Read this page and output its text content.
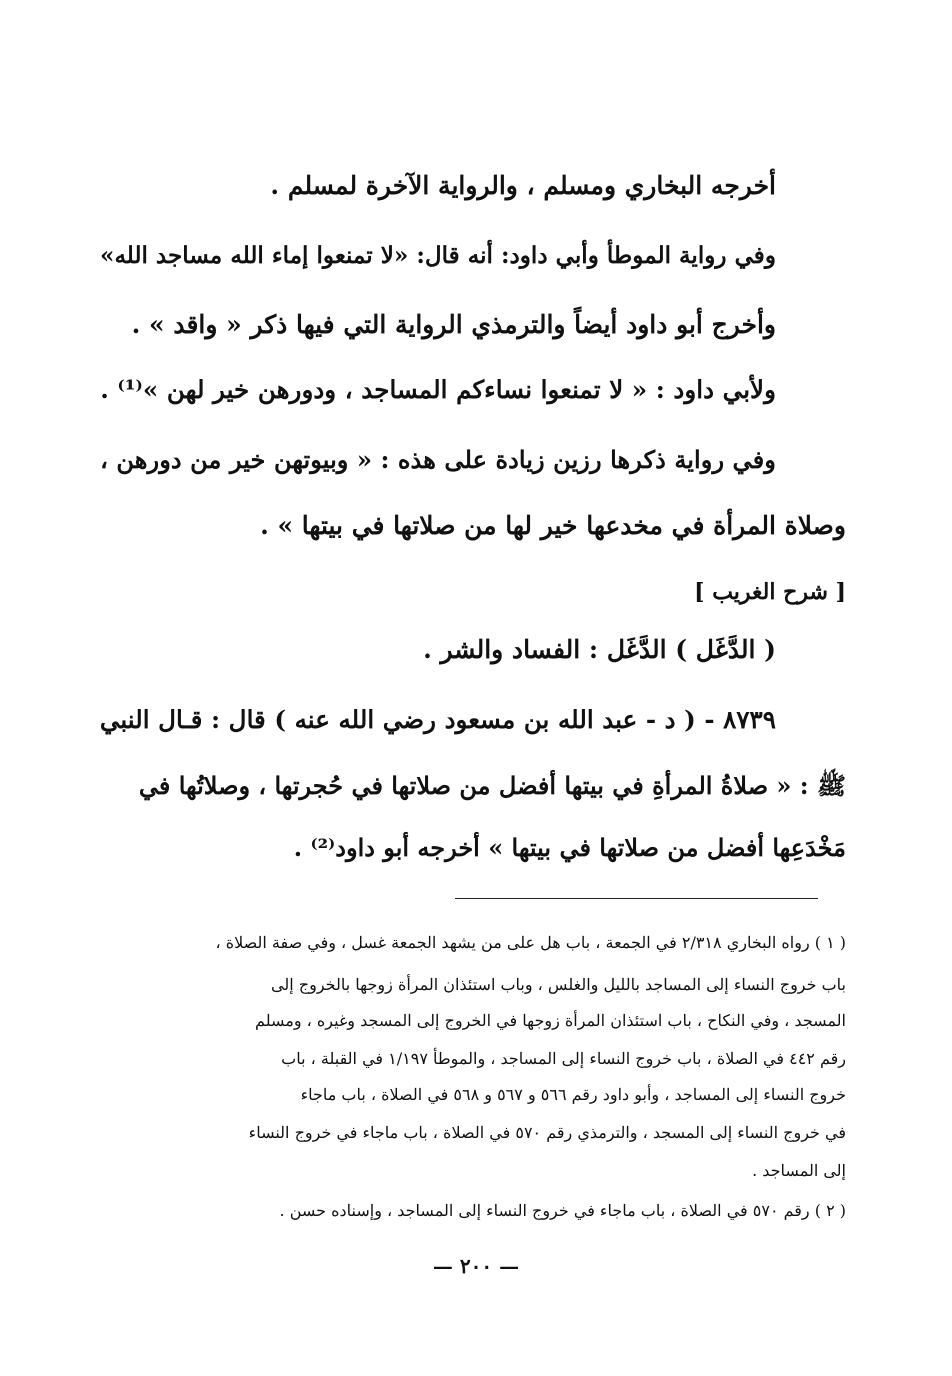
أخرجه البخاري ومسلم ، والرواية الآخرة لمسلم .
وفي رواية الموطأ وأبي داود: أنه قال: «لا تمنعوا إماء الله مساجد الله»
وأخرج أبو داود أيضاً والترمذي الرواية التي فيها ذكر « واقد » .
ولأبي داود : « لا تمنعوا نساءكم المساجد ، ودورهن خير لهن »⁽¹⁾ .
وفي رواية ذكرها رزين زيادة على هذه : « وبيوتهن خير من دورهن ،
وصلاة المرأة في مخدعها خير لها من صلاتها في بيتها » .
[ شرح الغريب ]
( الدَّغَل ) الدَّغَل : الفساد والشر .
٨٧٣٩ - ( د - عبد الله بن مسعود رضي الله عنه ) قال : قـال النبي
ﷺ : « صلاةُ المرأةِ في بيتها أفضل من صلاتها في حُجرتها ، وصلاتُها في
مَخْدَعِها أفضل من صلاتها في بيتها » أخرجه أبو داود⁽²⁾ .
( ١ ) رواه البخاري ٢/٣١٨ في الجمعة ، باب هل على من يشهد الجمعة غسل ، وفي صفة الصلاة ،
باب خروج النساء إلى المساجد بالليل والغلس ، وباب استئذان المرأة زوجها بالخروج إلى
المسجد ، وفي النكاح ، باب استئذان المرأة زوجها في الخروج إلى المسجد وغيره ، ومسلم
رقم ٤٤٢ في الصلاة ، باب خروج النساء إلى المساجد ، والموطأ ١/١٩٧ في القبلة ، باب
خروج النساء إلى المساجد ، وأبو داود رقم ٥٦٦ و ٥٦٧ و ٥٦٨ في الصلاة ، باب ماجاء
في خروج النساء إلى المسجد ، والترمذي رقم ٥٧٠ في الصلاة ، باب ماجاء في خروج النساء
إلى المساجد .
( ٢ ) رقم ٥٧٠ في الصلاة ، باب ماجاء في خروج النساء إلى المساجد ، وإسناده حسن .
— ٢٠٠ —
